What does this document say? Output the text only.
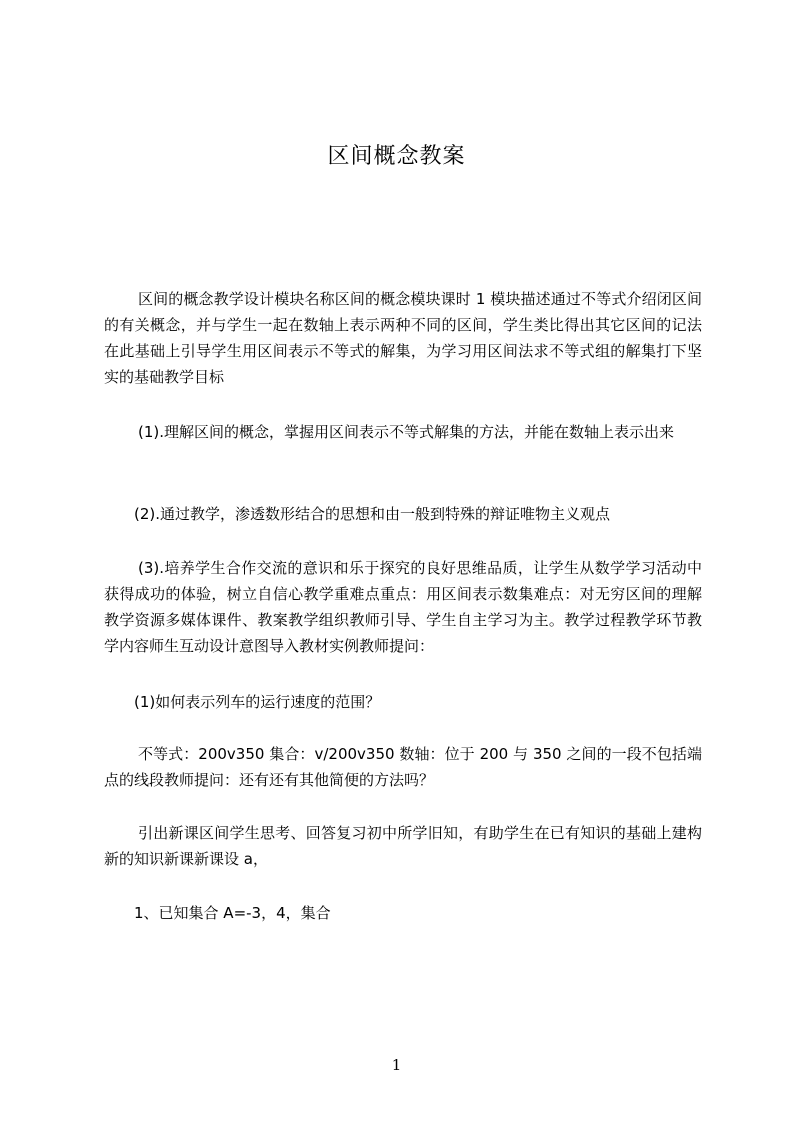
区间概念教案

区间的概念教学设计模块名称区间的概念模块课时 1 模块描述通过不等式介绍闭区间的有关概念，并与学生一起在数轴上表示两种不同的区间，学生类比得出其它区间的记法在此基础上引导学生用区间表示不等式的解集，为学习用区间法求不等式组的解集打下坚实的基础教学目标

(1).理解区间的概念，掌握用区间表示不等式解集的方法，并能在数轴上表示出来

(2).通过教学，渗透数形结合的思想和由一般到特殊的辩证唯物主义观点

(3).培养学生合作交流的意识和乐于探究的良好思维品质，让学生从数学学习活动中获得成功的体验，树立自信心教学重难点重点：用区间表示数集难点：对无穷区间的理解教学资源多媒体课件、教案教学组织教师引导、学生自主学习为主。教学过程教学环节教学内容师生互动设计意图导入教材实例教师提问：

(1)如何表示列车的运行速度的范围？

不等式：200v350 集合：v/200v350 数轴：位于 200 与 350 之间的一段不包括端点的线段教师提问：还有还有其他简便的方法吗？

引出新课区间学生思考、回答复习初中所学旧知，有助学生在已有知识的基础上建构新的知识新课新课设 a，

1、已知集合 A=-3，4，集合

1
